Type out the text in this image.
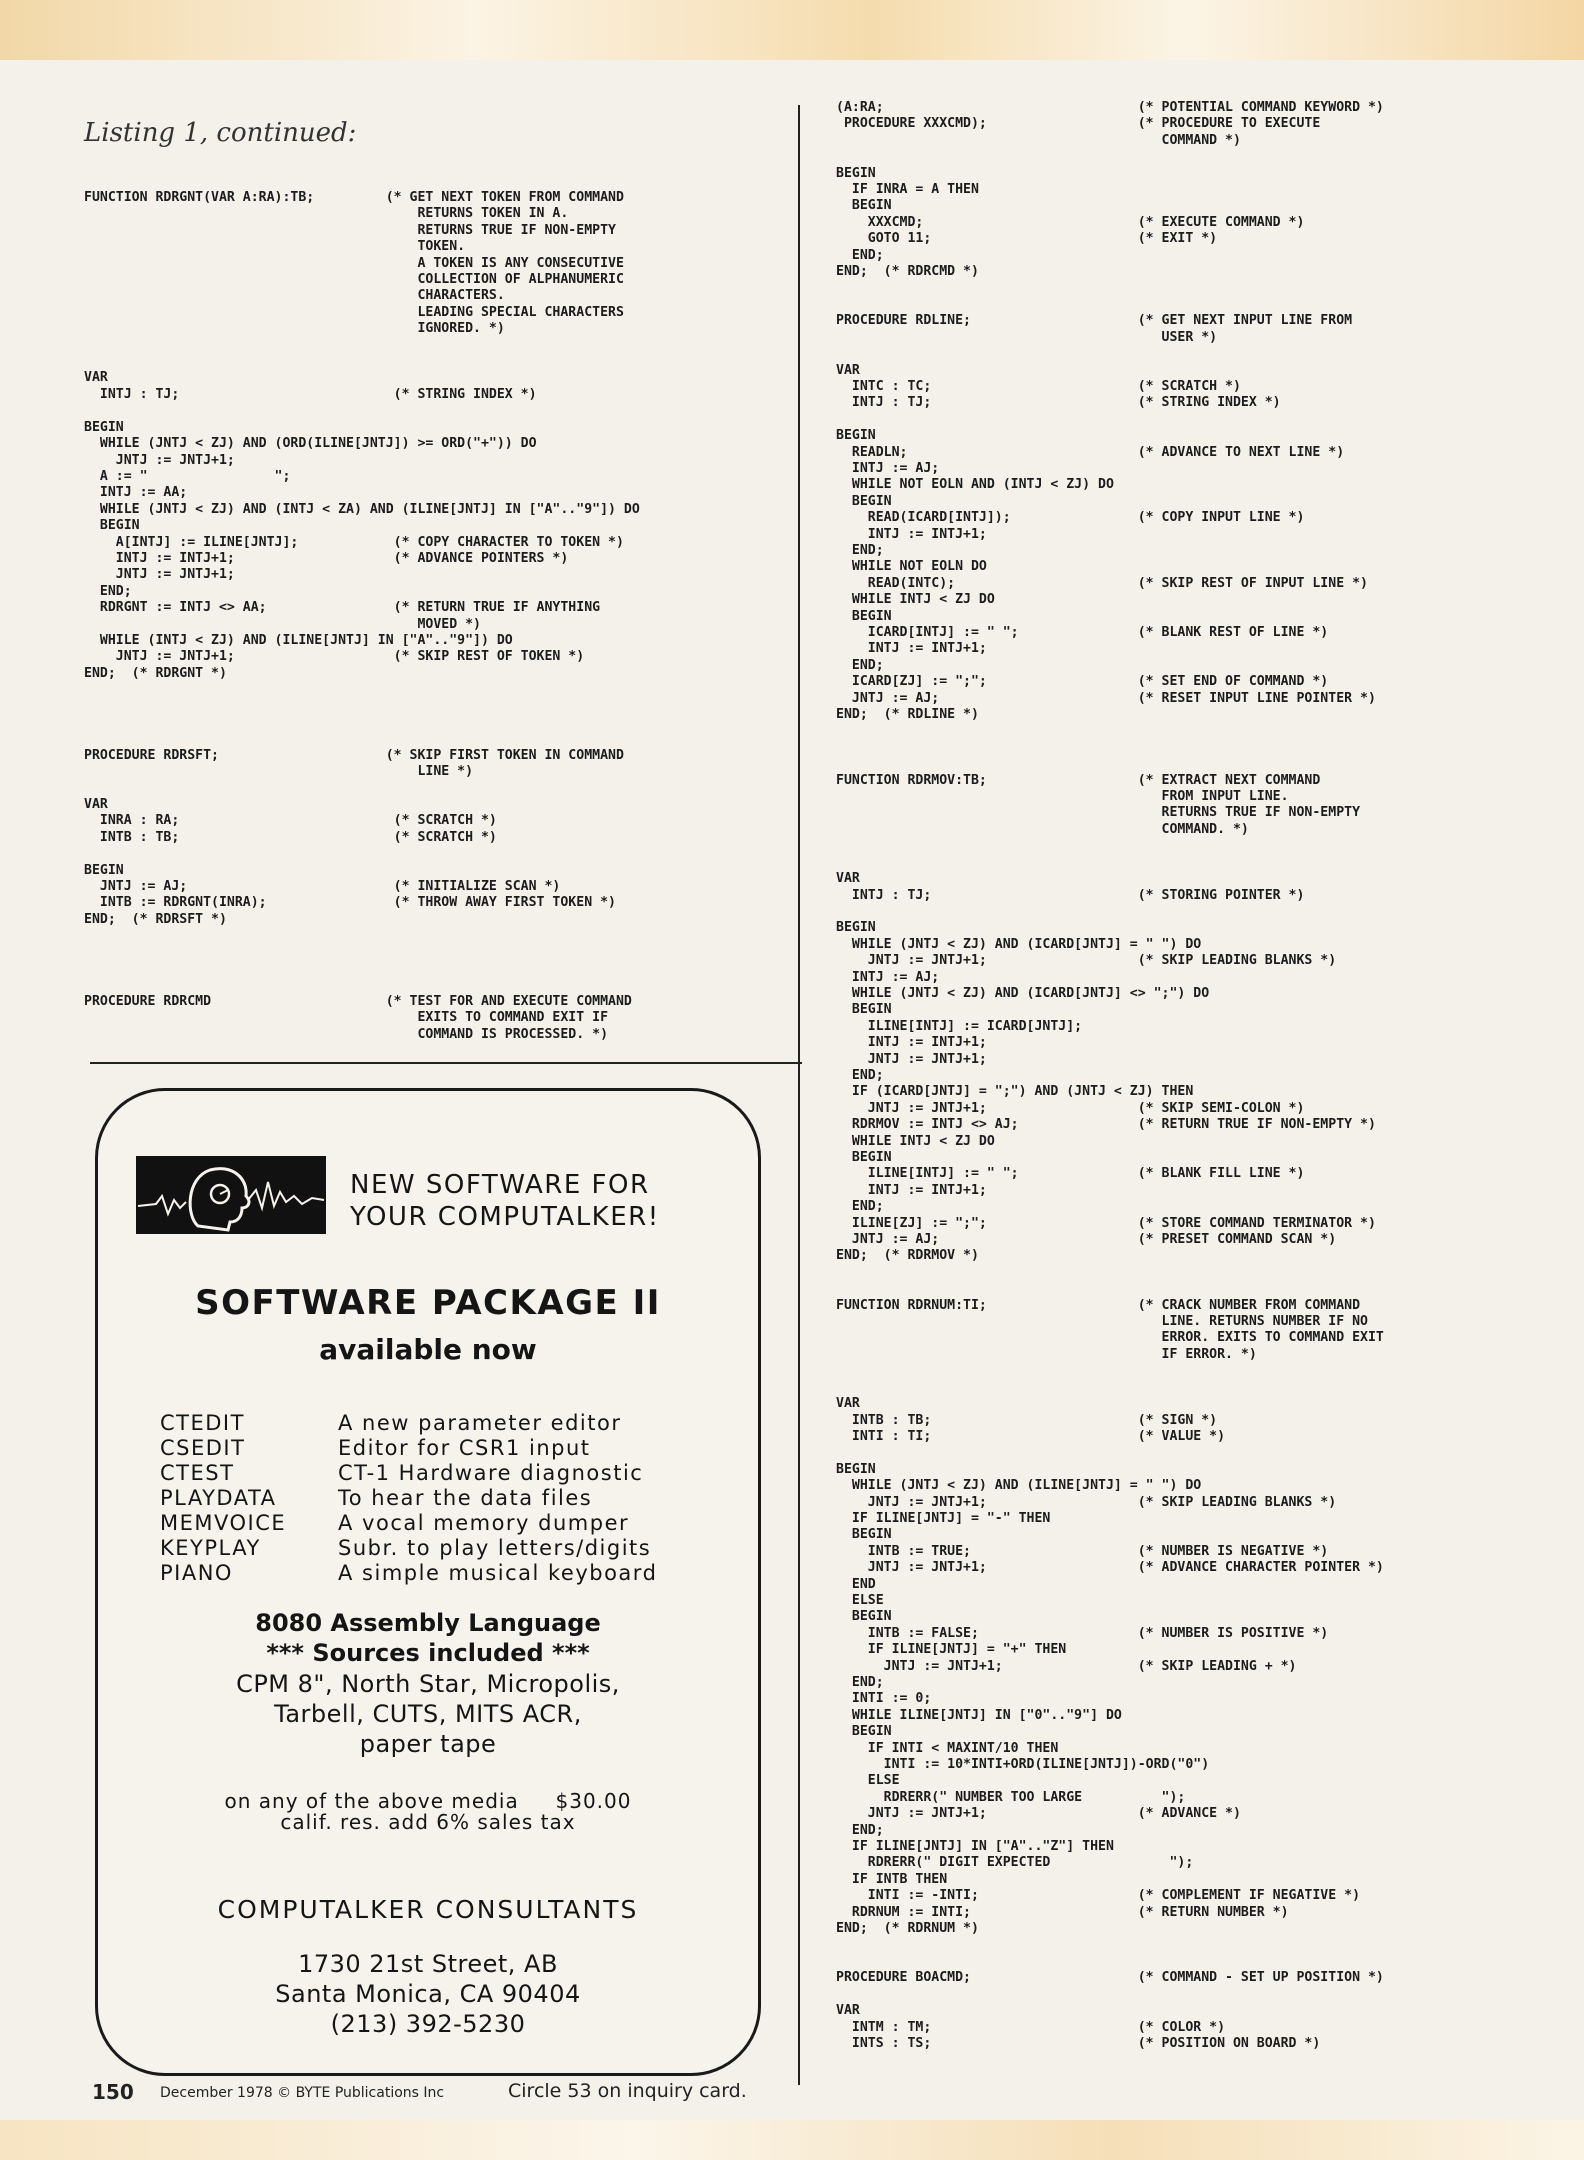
Listing 1, continued:
FUNCTION RDRGNT(VAR A:RA):TB;         (* GET NEXT TOKEN FROM COMMAND
RETURNS TOKEN IN A.
RETURNS TRUE IF NON-EMPTY
TOKEN.
A TOKEN IS ANY CONSECUTIVE
COLLECTION OF ALPHANUMERIC
CHARACTERS.
LEADING SPECIAL CHARACTERS
IGNORED. *)

VAR
INTJ : TJ;                           (* STRING INDEX *)

BEGIN
WHILE (JNTJ < ZJ) AND (ORD(ILINE[JNTJ]) >= ORD("+")) DO
JNTJ := JNTJ+1;
A := "                ";
INTJ := AA;
WHILE (JNTJ < ZJ) AND (INTJ < ZA) AND (ILINE[JNTJ] IN ["A".."9"]) DO
BEGIN
A[INTJ] := ILINE[JNTJ];            (* COPY CHARACTER TO TOKEN *)
INTJ := INTJ+1;                    (* ADVANCE POINTERS *)
JNTJ := JNTJ+1;
END;
RDRGNT := INTJ <> AA;                (* RETURN TRUE IF ANYTHING
MOVED *)
WHILE (INTJ < ZJ) AND (ILINE[JNTJ] IN ["A".."9"]) DO
JNTJ := JNTJ+1;                    (* SKIP REST OF TOKEN *)
END;  (* RDRGNT *)

PROCEDURE RDRSFT;                     (* SKIP FIRST TOKEN IN COMMAND
LINE *)

VAR
INRA : RA;                           (* SCRATCH *)
INTB : TB;                           (* SCRATCH *)

BEGIN
JNTJ := AJ;                          (* INITIALIZE SCAN *)
INTB := RDRGNT(INRA);                (* THROW AWAY FIRST TOKEN *)
END;  (* RDRSFT *)

PROCEDURE RDRCMD                      (* TEST FOR AND EXECUTE COMMAND
EXITS TO COMMAND EXIT IF
COMMAND IS PROCESSED. *)
(A:RA;                                (* POTENTIAL COMMAND KEYWORD *)
PROCEDURE XXXCMD);                   (* PROCEDURE TO EXECUTE
COMMAND *)

BEGIN
IF INRA = A THEN
BEGIN
XXXCMD;                           (* EXECUTE COMMAND *)
GOTO 11;                          (* EXIT *)
END;
END;  (* RDRCMD *)

PROCEDURE RDLINE;                     (* GET NEXT INPUT LINE FROM
USER *)

VAR
INTC : TC;                          (* SCRATCH *)
INTJ : TJ;                          (* STRING INDEX *)

BEGIN
READLN;                             (* ADVANCE TO NEXT LINE *)
INTJ := AJ;
WHILE NOT EOLN AND (INTJ < ZJ) DO
BEGIN
READ(ICARD[INTJ]);                (* COPY INPUT LINE *)
INTJ := INTJ+1;
END;
WHILE NOT EOLN DO
READ(INTC);                       (* SKIP REST OF INPUT LINE *)
WHILE INTJ < ZJ DO
BEGIN
ICARD[INTJ] := " ";               (* BLANK REST OF LINE *)
INTJ := INTJ+1;
END;
ICARD[ZJ] := ";";                   (* SET END OF COMMAND *)
JNTJ := AJ;                         (* RESET INPUT LINE POINTER *)
END;  (* RDLINE *)

FUNCTION RDRMOV:TB;                   (* EXTRACT NEXT COMMAND
FROM INPUT LINE.
RETURNS TRUE IF NON-EMPTY
COMMAND. *)

VAR
INTJ : TJ;                          (* STORING POINTER *)

BEGIN
WHILE (JNTJ < ZJ) AND (ICARD[JNTJ] = " ") DO
JNTJ := JNTJ+1;                   (* SKIP LEADING BLANKS *)
INTJ := AJ;
WHILE (JNTJ < ZJ) AND (ICARD[JNTJ] <> ";") DO
BEGIN
ILINE[INTJ] := ICARD[JNTJ];
INTJ := INTJ+1;
JNTJ := JNTJ+1;
END;
IF (ICARD[JNTJ] = ";") AND (JNTJ < ZJ) THEN
JNTJ := JNTJ+1;                   (* SKIP SEMI-COLON *)
RDRMOV := INTJ <> AJ;               (* RETURN TRUE IF NON-EMPTY *)
WHILE INTJ < ZJ DO
BEGIN
ILINE[INTJ] := " ";               (* BLANK FILL LINE *)
INTJ := INTJ+1;
END;
ILINE[ZJ] := ";";                   (* STORE COMMAND TERMINATOR *)
JNTJ := AJ;                         (* PRESET COMMAND SCAN *)
END;  (* RDRMOV *)

FUNCTION RDRNUM:TI;                   (* CRACK NUMBER FROM COMMAND
LINE. RETURNS NUMBER IF NO
ERROR. EXITS TO COMMAND EXIT
IF ERROR. *)

VAR
INTB : TB;                          (* SIGN *)
INTI : TI;                          (* VALUE *)

BEGIN
WHILE (JNTJ < ZJ) AND (ILINE[JNTJ] = " ") DO
JNTJ := JNTJ+1;                   (* SKIP LEADING BLANKS *)
IF ILINE[JNTJ] = "-" THEN
BEGIN
INTB := TRUE;                     (* NUMBER IS NEGATIVE *)
JNTJ := JNTJ+1;                   (* ADVANCE CHARACTER POINTER *)
END
ELSE
BEGIN
INTB := FALSE;                    (* NUMBER IS POSITIVE *)
IF ILINE[JNTJ] = "+" THEN
JNTJ := JNTJ+1;                 (* SKIP LEADING + *)
END;
INTI := 0;
WHILE ILINE[JNTJ] IN ["0".."9"] DO
BEGIN
IF INTI < MAXINT/10 THEN
INTI := 10*INTI+ORD(ILINE[JNTJ])-ORD("0")
ELSE
RDRERR(" NUMBER TOO LARGE          ");
JNTJ := JNTJ+1;                   (* ADVANCE *)
END;
IF ILINE[JNTJ] IN ["A".."Z"] THEN
RDRERR(" DIGIT EXPECTED               ");
IF INTB THEN
INTI := -INTI;                    (* COMPLEMENT IF NEGATIVE *)
RDRNUM := INTI;                     (* RETURN NUMBER *)
END;  (* RDRNUM *)

PROCEDURE BOACMD;                     (* COMMAND - SET UP POSITION *)

VAR
INTM : TM;                          (* COLOR *)
INTS : TS;                          (* POSITION ON BOARD *)
NEW SOFTWARE FOR
YOUR COMPUTALKER!
SOFTWARE PACKAGE II
available now
CTEDIT	A new parameter editor
CSEDIT	Editor for CSR1 input
CTEST	CT-1 Hardware diagnostic
PLAYDATA	To hear the data files
MEMVOICE	A vocal memory dumper
KEYPLAY	Subr. to play letters/digits
PIANO	A simple musical keyboard
8080 Assembly Language
*** Sources included ***
CPM 8", North Star, Micropolis,
Tarbell, CUTS, MITS ACR,
paper tape
on any of the above media     $30.00
calif. res. add 6% sales tax
COMPUTALKER CONSULTANTS
1730 21st Street, AB
Santa Monica, CA 90404
(213) 392-5230
150 December 1978 © BYTE Publications Inc	Circle 53 on inquiry card.
